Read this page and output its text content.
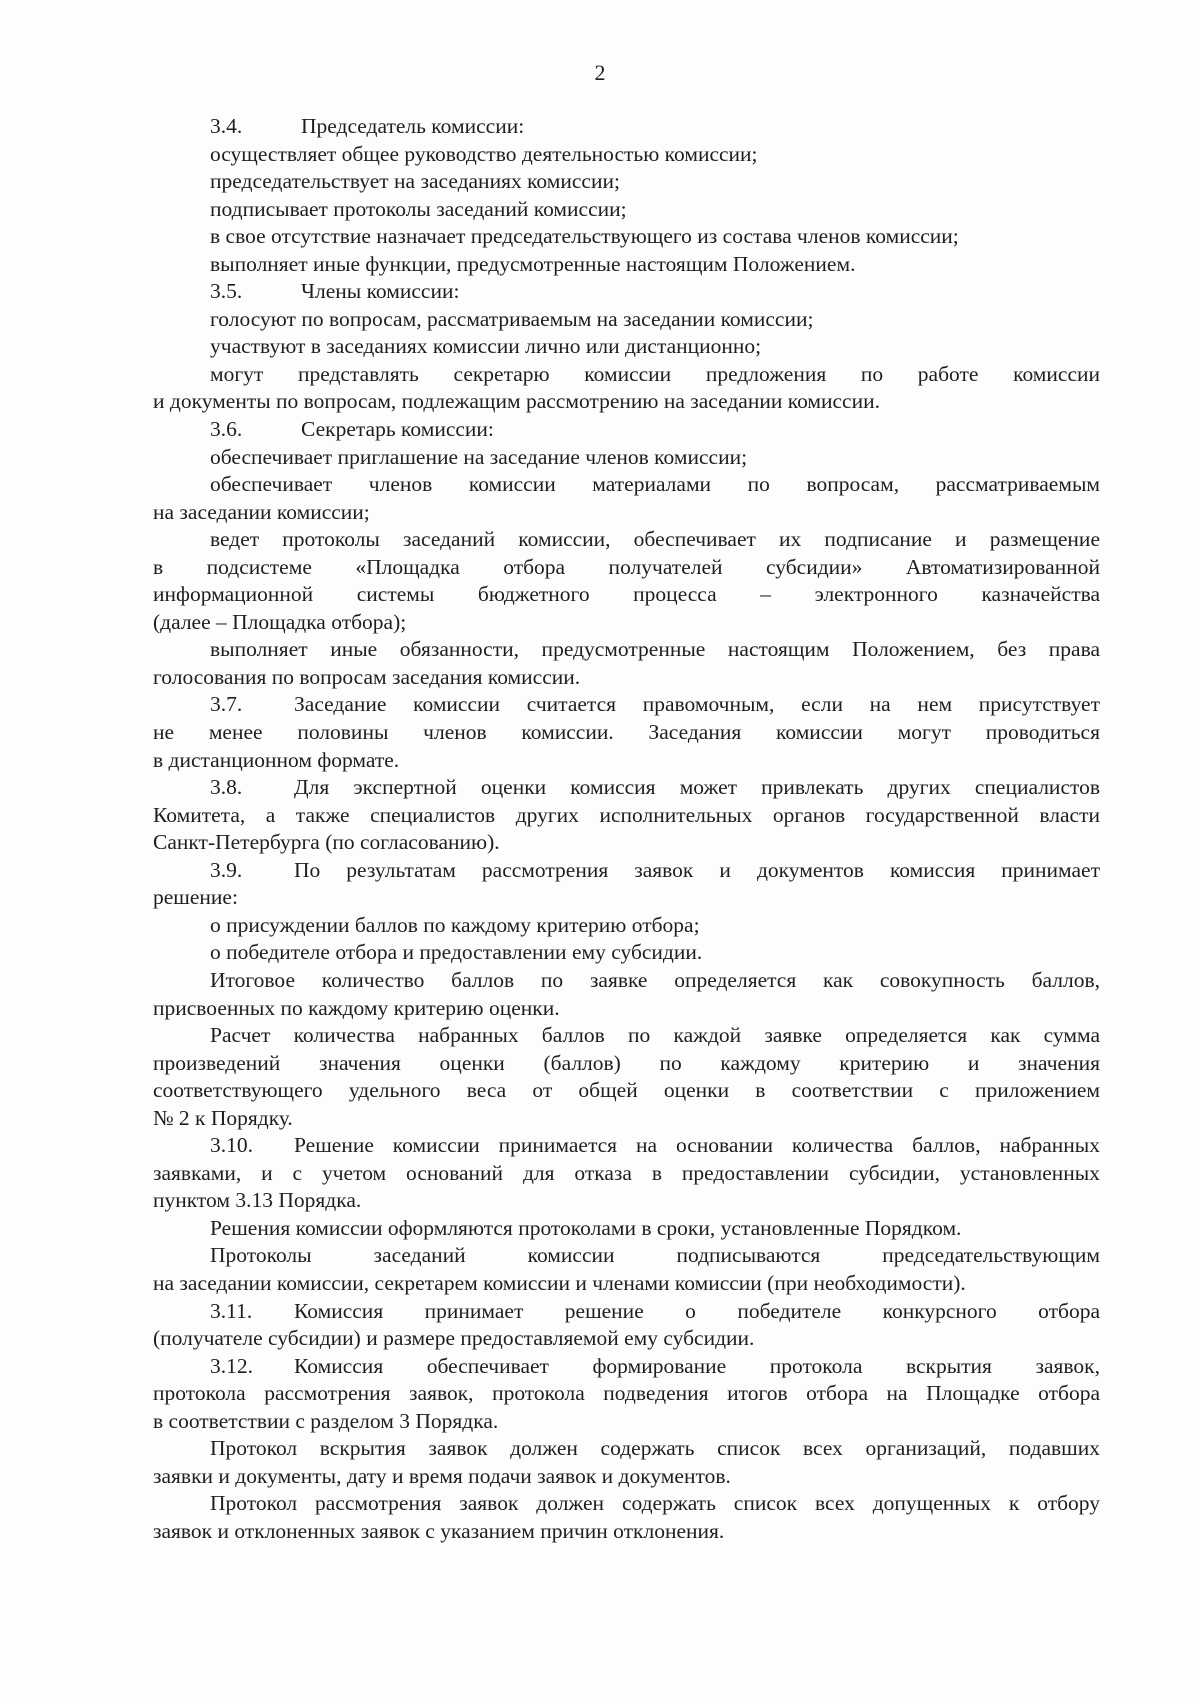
2
3.4.	Председатель комиссии:
осуществляет общее руководство деятельностью комиссии;
председательствует на заседаниях комиссии;
подписывает протоколы заседаний комиссии;
в свое отсутствие назначает председательствующего из состава членов комиссии;
выполняет иные функции, предусмотренные настоящим Положением.
3.5.	Члены комиссии:
голосуют по вопросам, рассматриваемым на заседании комиссии;
участвуют в заседаниях комиссии лично или дистанционно;
могут представлять секретарю комиссии предложения по работе комиссии
и документы по вопросам, подлежащим рассмотрению на заседании комиссии.
3.6.	Секретарь комиссии:
обеспечивает приглашение на заседание членов комиссии;
обеспечивает членов комиссии материалами по вопросам, рассматриваемым
на заседании комиссии;
ведет протоколы заседаний комиссии, обеспечивает их подписание и размещение
в подсистеме «Площадка отбора получателей субсидии» Автоматизированной
информационной системы бюджетного процесса – электронного казначейства
(далее – Площадка отбора);
выполняет иные обязанности, предусмотренные настоящим Положением, без права
голосования по вопросам заседания комиссии.
3.7. Заседание комиссии считается правомочным, если на нем присутствует
не менее половины членов комиссии. Заседания комиссии могут проводиться
в дистанционном формате.
3.8. Для экспертной оценки комиссия может привлекать других специалистов
Комитета, а также специалистов других исполнительных органов государственной власти
Санкт-Петербурга (по согласованию).
3.9. По результатам рассмотрения заявок и документов комиссия принимает
решение:
о присуждении баллов по каждому критерию отбора;
о победителе отбора и предоставлении ему субсидии.
Итоговое количество баллов по заявке определяется как совокупность баллов,
присвоенных по каждому критерию оценки.
Расчет количества набранных баллов по каждой заявке определяется как сумма
произведений значения оценки (баллов) по каждому критерию и значения
соответствующего удельного веса от общей оценки в соответствии с приложением
№ 2 к Порядку.
3.10. Решение комиссии принимается на основании количества баллов, набранных
заявками, и с учетом оснований для отказа в предоставлении субсидии, установленных
пунктом 3.13 Порядка.
Решения комиссии оформляются протоколами в сроки, установленные Порядком.
Протоколы заседаний комиссии подписываются председательствующим
на заседании комиссии, секретарем комиссии и членами комиссии (при необходимости).
3.11. Комиссия принимает решение о победителе конкурсного отбора
(получателе субсидии) и размере предоставляемой ему субсидии.
3.12. Комиссия обеспечивает формирование протокола вскрытия заявок,
протокола рассмотрения заявок, протокола подведения итогов отбора на Площадке отбора
в соответствии с разделом 3 Порядка.
Протокол вскрытия заявок должен содержать список всех организаций, подавших
заявки и документы, дату и время подачи заявок и документов.
Протокол рассмотрения заявок должен содержать список всех допущенных к отбору
заявок и отклоненных заявок с указанием причин отклонения.
